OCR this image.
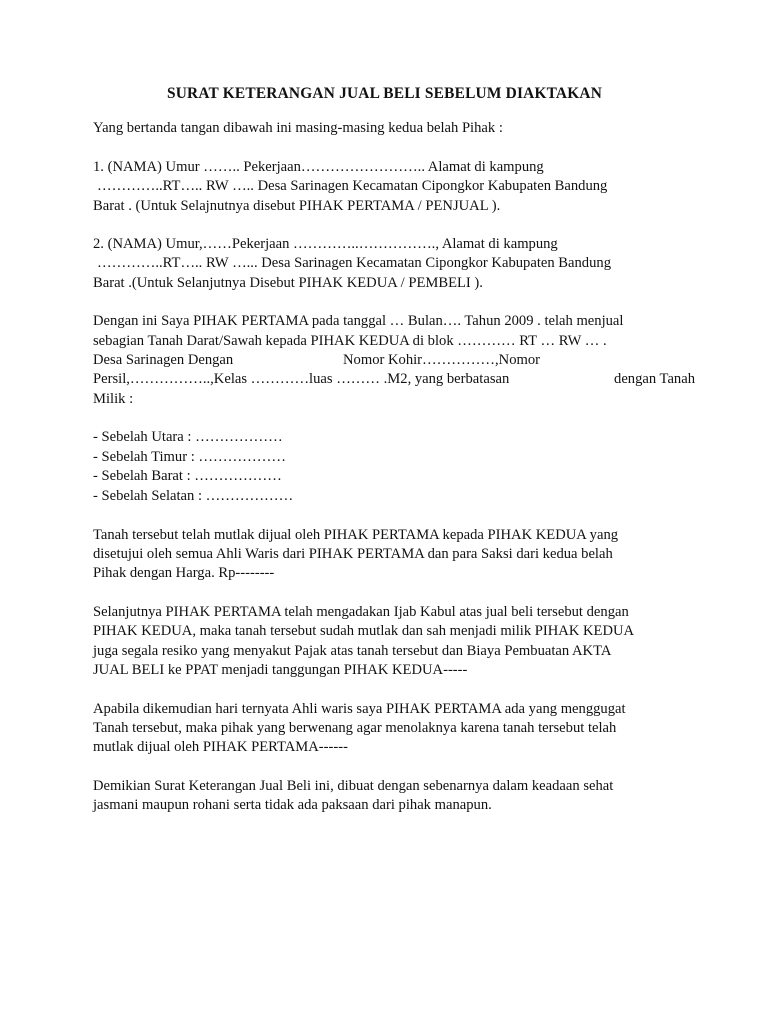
SURAT KETERANGAN JUAL BELI SEBELUM DIAKTAKAN
Yang bertanda tangan dibawah ini masing-masing kedua belah Pihak :
1. (NAMA) Umur …….. Pekerjaan…………………….. Alamat di kampung
…………..RT….. RW ….. Desa Sarinagen Kecamatan Cipongkor Kabupaten Bandung
Barat . (Untuk Selajnutnya disebut PIHAK PERTAMA / PENJUAL ).
2. (NAMA) Umur,……Pekerjaan …………..……………., Alamat di kampung
…………..RT….. RW …... Desa Sarinagen Kecamatan Cipongkor Kabupaten Bandung
Barat .(Untuk Selanjutnya Disebut PIHAK KEDUA / PEMBELI ).
Dengan ini Saya PIHAK PERTAMA pada tanggal … Bulan…. Tahun 2009 . telah menjual
sebagian Tanah Darat/Sawah kepada PIHAK KEDUA di blok ………… RT … RW … .
Desa Sarinagen Dengan	Nomor Kohir……………,Nomor
Persil,……………..,Kelas …………luas ……… .M2, yang berbatasan	dengan Tanah
Milik :
- Sebelah Utara : ………………
- Sebelah Timur : ………………
- Sebelah Barat : ………………
- Sebelah Selatan : ………………
Tanah tersebut telah mutlak dijual oleh PIHAK PERTAMA kepada PIHAK KEDUA yang
disetujui oleh semua Ahli Waris dari PIHAK PERTAMA dan para Saksi dari kedua belah
Pihak dengan Harga. Rp--------
Selanjutnya PIHAK PERTAMA telah mengadakan Ijab Kabul atas jual beli tersebut dengan
PIHAK KEDUA, maka tanah tersebut sudah mutlak dan sah menjadi milik PIHAK KEDUA
juga segala resiko yang menyakut Pajak atas tanah tersebut dan Biaya Pembuatan AKTA
JUAL BELI ke PPAT menjadi tanggungan PIHAK KEDUA-----
Apabila dikemudian hari ternyata Ahli waris saya PIHAK PERTAMA ada yang menggugat
Tanah tersebut, maka pihak yang berwenang agar menolaknya karena tanah tersebut telah
mutlak dijual oleh PIHAK PERTAMA------
Demikian Surat Keterangan Jual Beli ini, dibuat dengan sebenarnya dalam keadaan sehat
jasmani maupun rohani serta tidak ada paksaan dari pihak manapun.
